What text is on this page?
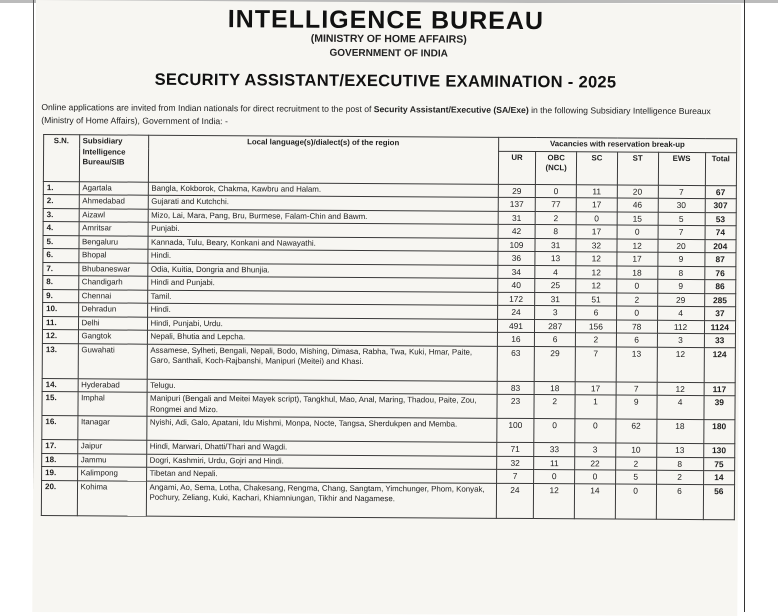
INTELLIGENCE BUREAU
(MINISTRY OF HOME AFFAIRS)
GOVERNMENT OF INDIA
SECURITY ASSISTANT/EXECUTIVE EXAMINATION - 2025
Online applications are invited from Indian nationals for direct recruitment to the post of Security Assistant/Executive (SA/Exe) in the following Subsidiary Intelligence Bureaux (Ministry of Home Affairs), Government of India: -
S.N.	Subsidiary Intelligence Bureau/SIB	Local language(s)/dialect(s) of the region	Vacancies with reservation break-up					
			UR	OBC (NCL)	SC	ST	EWS	Total
1.	Agartala	Bangla, Kokborok, Chakma, Kawbru and Halam.	29	0	11	20	7	67
2.	Ahmedabad	Gujarati and Kutchchi.	137	77	17	46	30	307
3.	Aizawl	Mizo, Lai, Mara, Pang, Bru, Burmese, Falam-Chin and Bawm.	31	2	0	15	5	53
4.	Amritsar	Punjabi.	42	8	17	0	7	74
5.	Bengaluru	Kannada, Tulu, Beary, Konkani and Nawayathi.	109	31	32	12	20	204
6.	Bhopal	Hindi.	36	13	12	17	9	87
7.	Bhubaneswar	Odia, Kuitia, Dongria and Bhunjia.	34	4	12	18	8	76
8.	Chandigarh	Hindi and Punjabi.	40	25	12	0	9	86
9.	Chennai	Tamil.	172	31	51	2	29	285
10.	Dehradun	Hindi.	24	3	6	0	4	37
11.	Delhi	Hindi, Punjabi, Urdu.	491	287	156	78	112	1124
12.	Gangtok	Nepali, Bhutia and Lepcha.	16	6	2	6	3	33
13.	Guwahati	Assamese, Sylheti, Bengali, Nepali, Bodo, Mishing, Dimasa, Rabha, Twa, Kuki, Hmar, Paite, Garo, Santhali, Koch-Rajbanshi, Manipuri (Meitei) and Khasi.	63	29	7	13	12	124
14.	Hyderabad	Telugu.	83	18	17	7	12	117
15.	Imphal	Manipuri (Bengali and Meitei Mayek script), Tangkhul, Mao, Anal, Maring, Thadou, Paite, Zou, Rongmei and Mizo.	23	2	1	9	4	39
16.	Itanagar	Nyishi, Adi, Galo, Apatani, Idu Mishmi, Monpa, Nocte, Tangsa, Sherdukpen and Memba.	100	0	0	62	18	180
17.	Jaipur	Hindi, Marwari, Dhatti/Thari and Wagdi.	71	33	3	10	13	130
18.	Jammu	Dogri, Kashmiri, Urdu, Gojri and Hindi.	32	11	22	2	8	75
19.	Kalimpong	Tibetan and Nepali.	7	0	0	5	2	14
20.	Kohima	Angami, Ao, Sema, Lotha, Chakesang, Rengma, Chang, Sangtam, Yimchunger, Phom, Konyak, Pochury, Zeliang, Kuki, Kachari, Khiamniungan, Tikhir and Nagamese.	24	12	14	0	6	56
